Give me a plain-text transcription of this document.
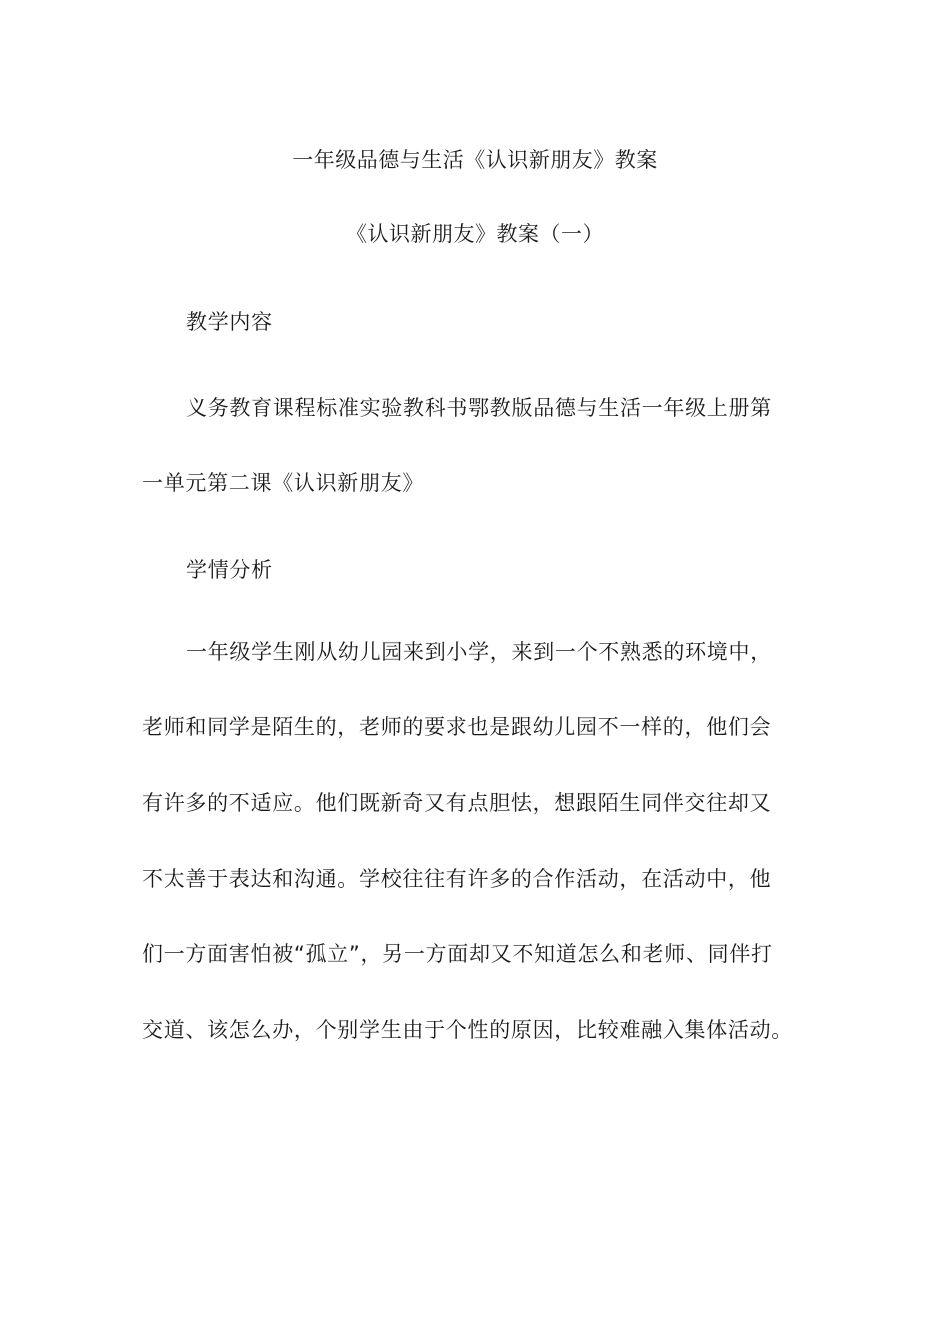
一年级品德与生活《认识新朋友》教案
《认识新朋友》教案（一）
教学内容
义务教育课程标准实验教科书鄂教版品德与生活一年级上册第
一单元第二课《认识新朋友》
学情分析
一年级学生刚从幼儿园来到小学，来到一个不熟悉的环境中，
老师和同学是陌生的，老师的要求也是跟幼儿园不一样的，他们会
有许多的不适应。他们既新奇又有点胆怯，想跟陌生同伴交往却又
不太善于表达和沟通。学校往往有许多的合作活动，在活动中，他
们一方面害怕被“孤立”，另一方面却又不知道怎么和老师、同伴打
交道、该怎么办，个别学生由于个性的原因，比较难融入集体活动。
